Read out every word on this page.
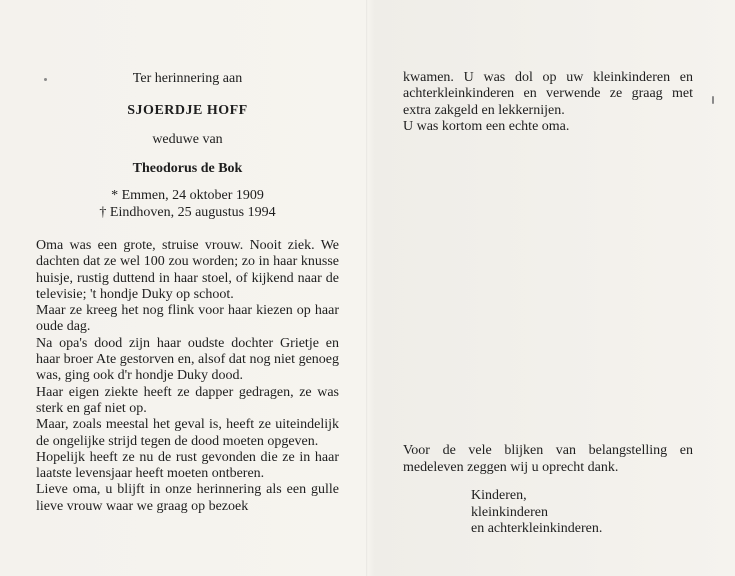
Ter herinnering aan
SJOERDJE HOFF
weduwe van
Theodorus de Bok
* Emmen, 24 oktober 1909
† Eindhoven, 25 augustus 1994

Oma was een grote, struise vrouw. Nooit ziek. We dachten dat ze wel 100 zou worden; zo in haar knusse huisje, rustig duttend in haar stoel, of kijkend naar de televisie; 't hondje Duky op schoot.

Maar ze kreeg het nog flink voor haar kiezen op haar oude dag.

Na opa's dood zijn haar oudste dochter Grietje en haar broer Ate gestorven en, alsof dat nog niet genoeg was, ging ook d'r hondje Duky dood.

Haar eigen ziekte heeft ze dapper gedragen, ze was sterk en gaf niet op.

Maar, zoals meestal het geval is, heeft ze uiteindelijk de ongelijke strijd tegen de dood moeten opgeven.

Hopelijk heeft ze nu de rust gevonden die ze in haar laatste levensjaar heeft moeten ontberen.

Lieve oma, u blijft in onze herinnering als een gulle lieve vrouw waar we graag op bezoek

kwamen. U was dol op uw kleinkinderen en achterkleinkinderen en verwende ze graag met extra zakgeld en lekkernijen.

U was kortom een echte oma.

Voor de vele blijken van belangstelling en medeleven zeggen wij u oprecht dank.
Kinderen,
kleinkinderen
en achterkleinkinderen.
